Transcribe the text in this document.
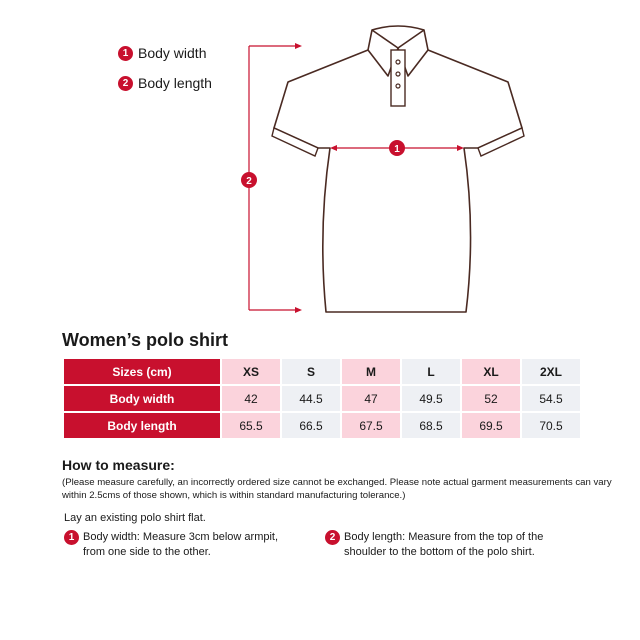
1 Body width
2 Body length
1
2
Women’s polo shirt
Sizes (cm)	XS	S	M	L	XL	2XL
Body width	42	44.5	47	49.5	52	54.5
Body length	65.5	66.5	67.5	68.5	69.5	70.5
How to measure:
(Please measure carefully, an incorrectly ordered size cannot be exchanged. Please note actual garment measurements can vary within 2.5cms of those shown, which is within standard manufacturing tolerance.)
Lay an existing polo shirt flat.
1 Body width: Measure 3cm below armpit,
from one side to the other.
2 Body length: Measure from the top of the
shoulder to the bottom of the polo shirt.
